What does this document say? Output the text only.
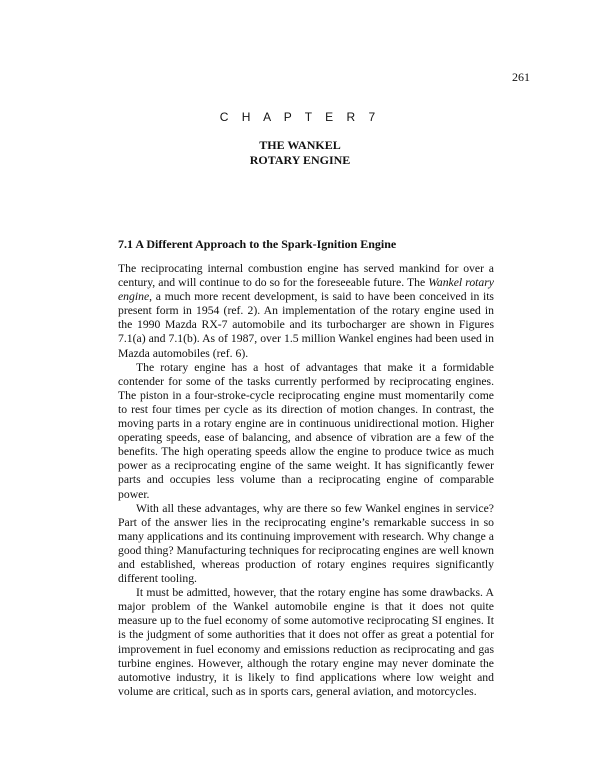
261
C H A P T E R 7
THE WANKEL
ROTARY ENGINE
7.1 A Different Approach to the Spark-Ignition Engine

The reciprocating internal combustion engine has served mankind for over a century, and will continue to do so for the foreseeable future. The Wankel rotary engine, a much more recent development, is said to have been conceived in its present form in 1954 (ref. 2). An implementation of the rotary engine used in the 1990 Mazda RX-7 automobile and its turbocharger are shown in Figures 7.1(a) and 7.1(b). As of 1987, over 1.5 million Wankel engines had been used in Mazda automobiles (ref. 6).

The rotary engine has a host of advantages that make it a formidable contender for some of the tasks currently performed by reciprocating engines. The piston in a four-stroke-cycle reciprocating engine must momentarily come to rest four times per cycle as its direction of motion changes. In contrast, the moving parts in a rotary engine are in continuous unidirectional motion. Higher operating speeds, ease of balancing, and absence of vibration are a few of the benefits. The high operating speeds allow the engine to produce twice as much power as a reciprocating engine of the same weight. It has significantly fewer parts and occupies less volume than a reciprocating engine of comparable power.

With all these advantages, why are there so few Wankel engines in service? Part of the answer lies in the reciprocating engine’s remarkable success in so many applications and its continuing improvement with research. Why change a good thing? Manufacturing techniques for reciprocating engines are well known and established, whereas production of rotary engines requires significantly different tooling.

It must be admitted, however, that the rotary engine has some drawbacks. A major problem of the Wankel automobile engine is that it does not quite measure up to the fuel economy of some automotive reciprocating SI engines. It is the judgment of some authorities that it does not offer as great a potential for improvement in fuel economy and emissions reduction as reciprocating and gas turbine engines. However, although the rotary engine may never dominate the automotive industry, it is likely to find applications where low weight and volume are critical, such as in sports cars, general aviation, and motorcycles.
